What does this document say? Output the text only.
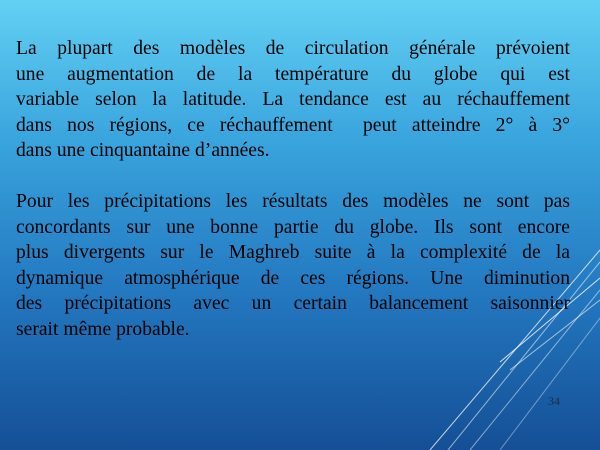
La plupart des modèles de circulation générale prévoient
une augmentation de la température du globe qui est
variable selon la latitude. La tendance est au réchauffement
dans nos régions, ce réchauffement  peut atteindre 2° à 3°
dans une cinquantaine d’années.
Pour les précipitations les résultats des modèles ne sont pas
concordants sur une bonne partie du globe. Ils sont encore
plus divergents sur le Maghreb suite à la complexité de la
dynamique atmosphérique de ces régions. Une diminution
des précipitations avec un certain balancement saisonnier
serait même probable.
34
